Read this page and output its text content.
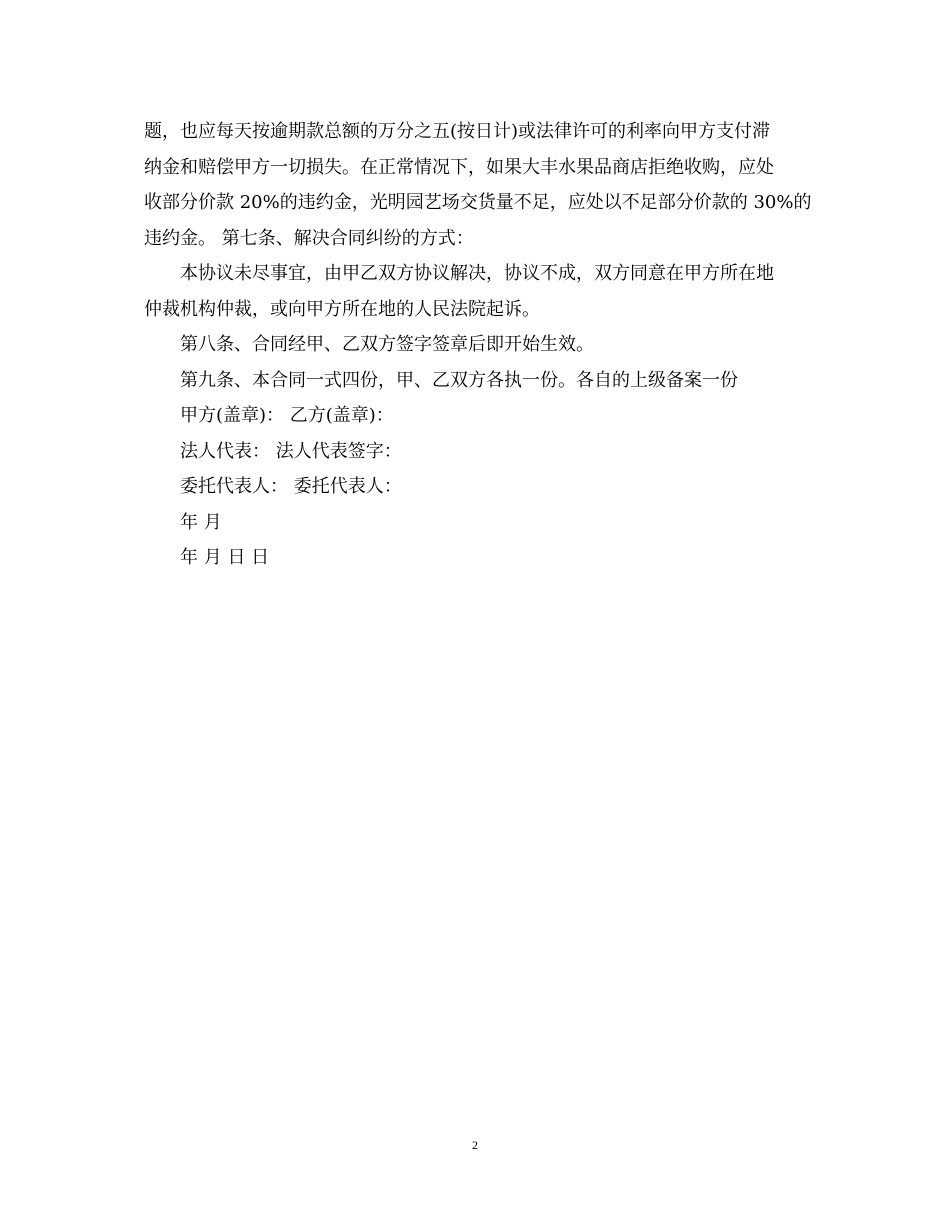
题，也应每天按逾期款总额的万分之五(按日计)或法律许可的利率向甲方支付滞
纳金和赔偿甲方一切损失。在正常情况下，如果大丰水果品商店拒绝收购，应处
收部分价款 20%的违约金，光明园艺场交货量不足，应处以不足部分价款的 30%的
违约金。 第七条、解决合同纠纷的方式：

本协议未尽事宜，由甲乙双方协议解决，协议不成，双方同意在甲方所在地
仲裁机构仲裁，或向甲方所在地的人民法院起诉。

第八条、合同经甲、乙双方签字签章后即开始生效。

第九条、本合同一式四份，甲、乙双方各执一份。各自的上级备案一份

甲方(盖章)： 乙方(盖章)：

法人代表： 法人代表签字：

委托代表人： 委托代表人：

年 月

年 月 日 日

2
